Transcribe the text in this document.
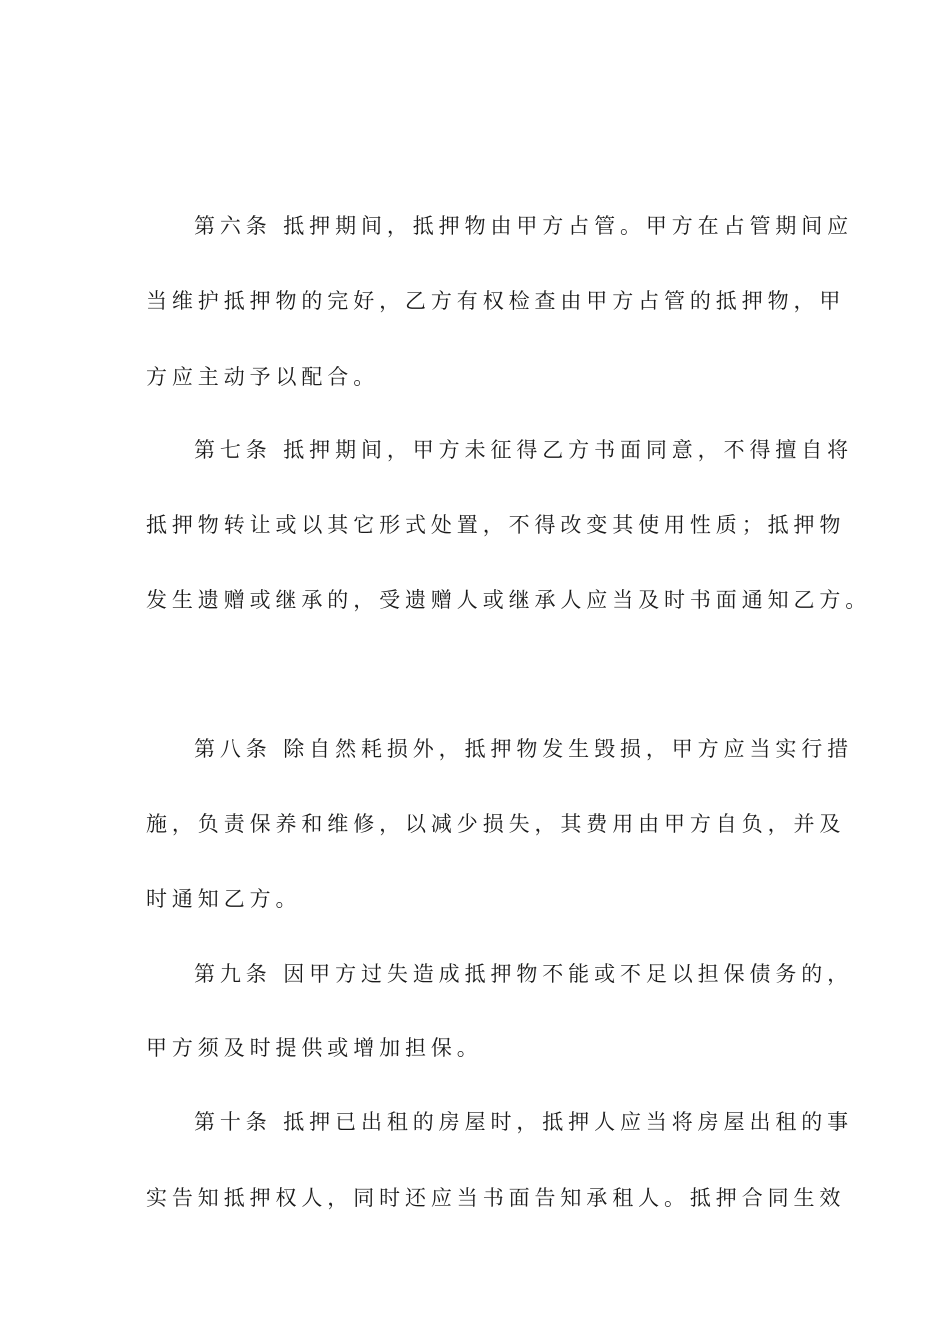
第六条 抵押期间，抵押物由甲方占管。甲方在占管期间应
当维护抵押物的完好，乙方有权检查由甲方占管的抵押物，甲
方应主动予以配合。
第七条 抵押期间，甲方未征得乙方书面同意，不得擅自将
抵押物转让或以其它形式处置，不得改变其使用性质；抵押物
发生遗赠或继承的，受遗赠人或继承人应当及时书面通知乙方。
第八条 除自然耗损外，抵押物发生毁损，甲方应当实行措
施，负责保养和维修，以减少损失，其费用由甲方自负，并及
时通知乙方。
第九条 因甲方过失造成抵押物不能或不足以担保债务的，
甲方须及时提供或增加担保。
第十条 抵押已出租的房屋时，抵押人应当将房屋出租的事
实告知抵押权人，同时还应当书面告知承租人。抵押合同生效
